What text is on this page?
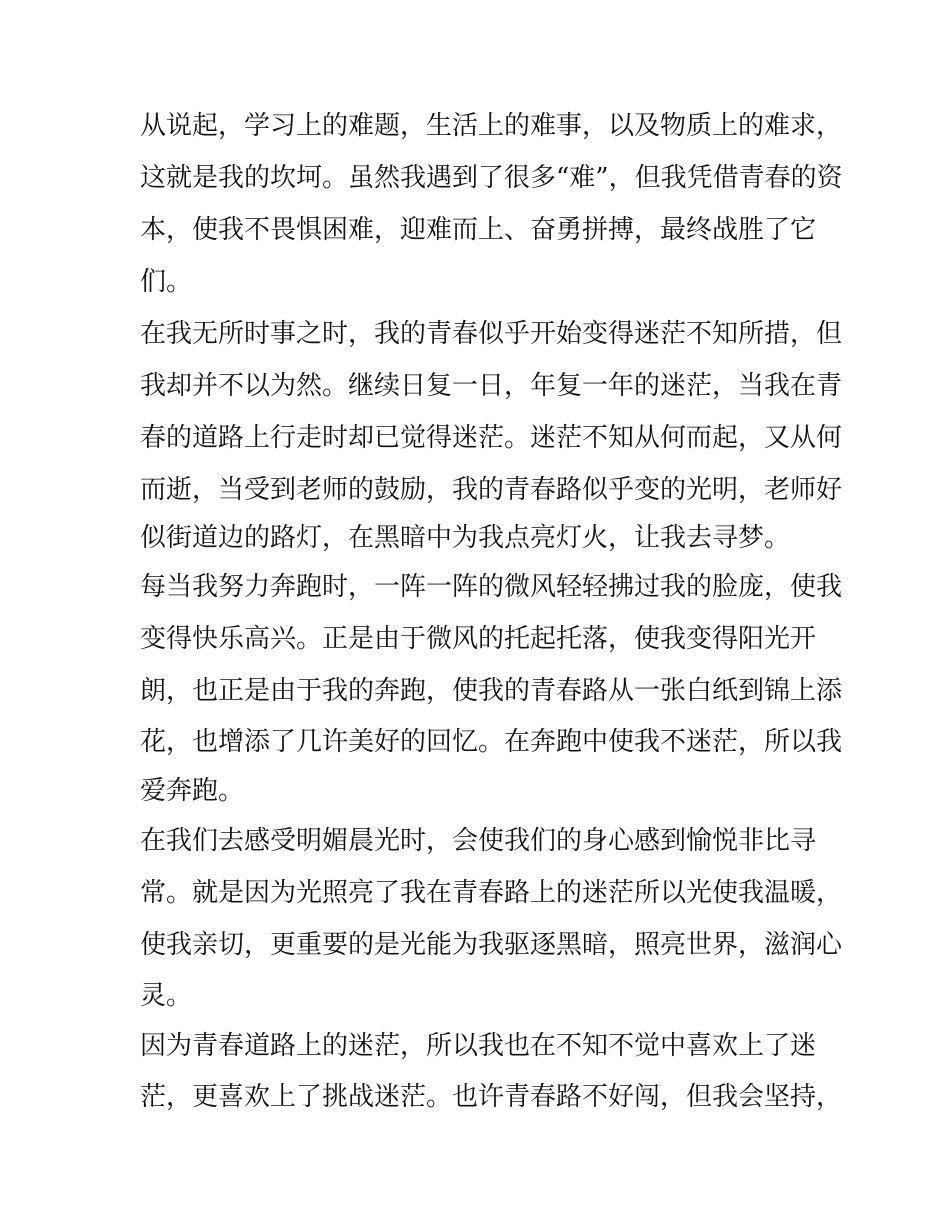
从说起，学习上的难题，生活上的难事，以及物质上的难求，
这就是我的坎坷。虽然我遇到了很多“难”，但我凭借青春的资
本，使我不畏惧困难，迎难而上、奋勇拼搏，最终战胜了它
们。
在我无所时事之时，我的青春似乎开始变得迷茫不知所措，但
我却并不以为然。继续日复一日，年复一年的迷茫，当我在青
春的道路上行走时却已觉得迷茫。迷茫不知从何而起，又从何
而逝，当受到老师的鼓励，我的青春路似乎变的光明，老师好
似街道边的路灯，在黑暗中为我点亮灯火，让我去寻梦。
每当我努力奔跑时，一阵一阵的微风轻轻拂过我的脸庞，使我
变得快乐高兴。正是由于微风的托起托落，使我变得阳光开
朗，也正是由于我的奔跑，使我的青春路从一张白纸到锦上添
花，也增添了几许美好的回忆。在奔跑中使我不迷茫，所以我
爱奔跑。
在我们去感受明媚晨光时，会使我们的身心感到愉悦非比寻
常。就是因为光照亮了我在青春路上的迷茫所以光使我温暖，
使我亲切，更重要的是光能为我驱逐黑暗，照亮世界，滋润心
灵。
因为青春道路上的迷茫，所以我也在不知不觉中喜欢上了迷
茫，更喜欢上了挑战迷茫。也许青春路不好闯，但我会坚持，
